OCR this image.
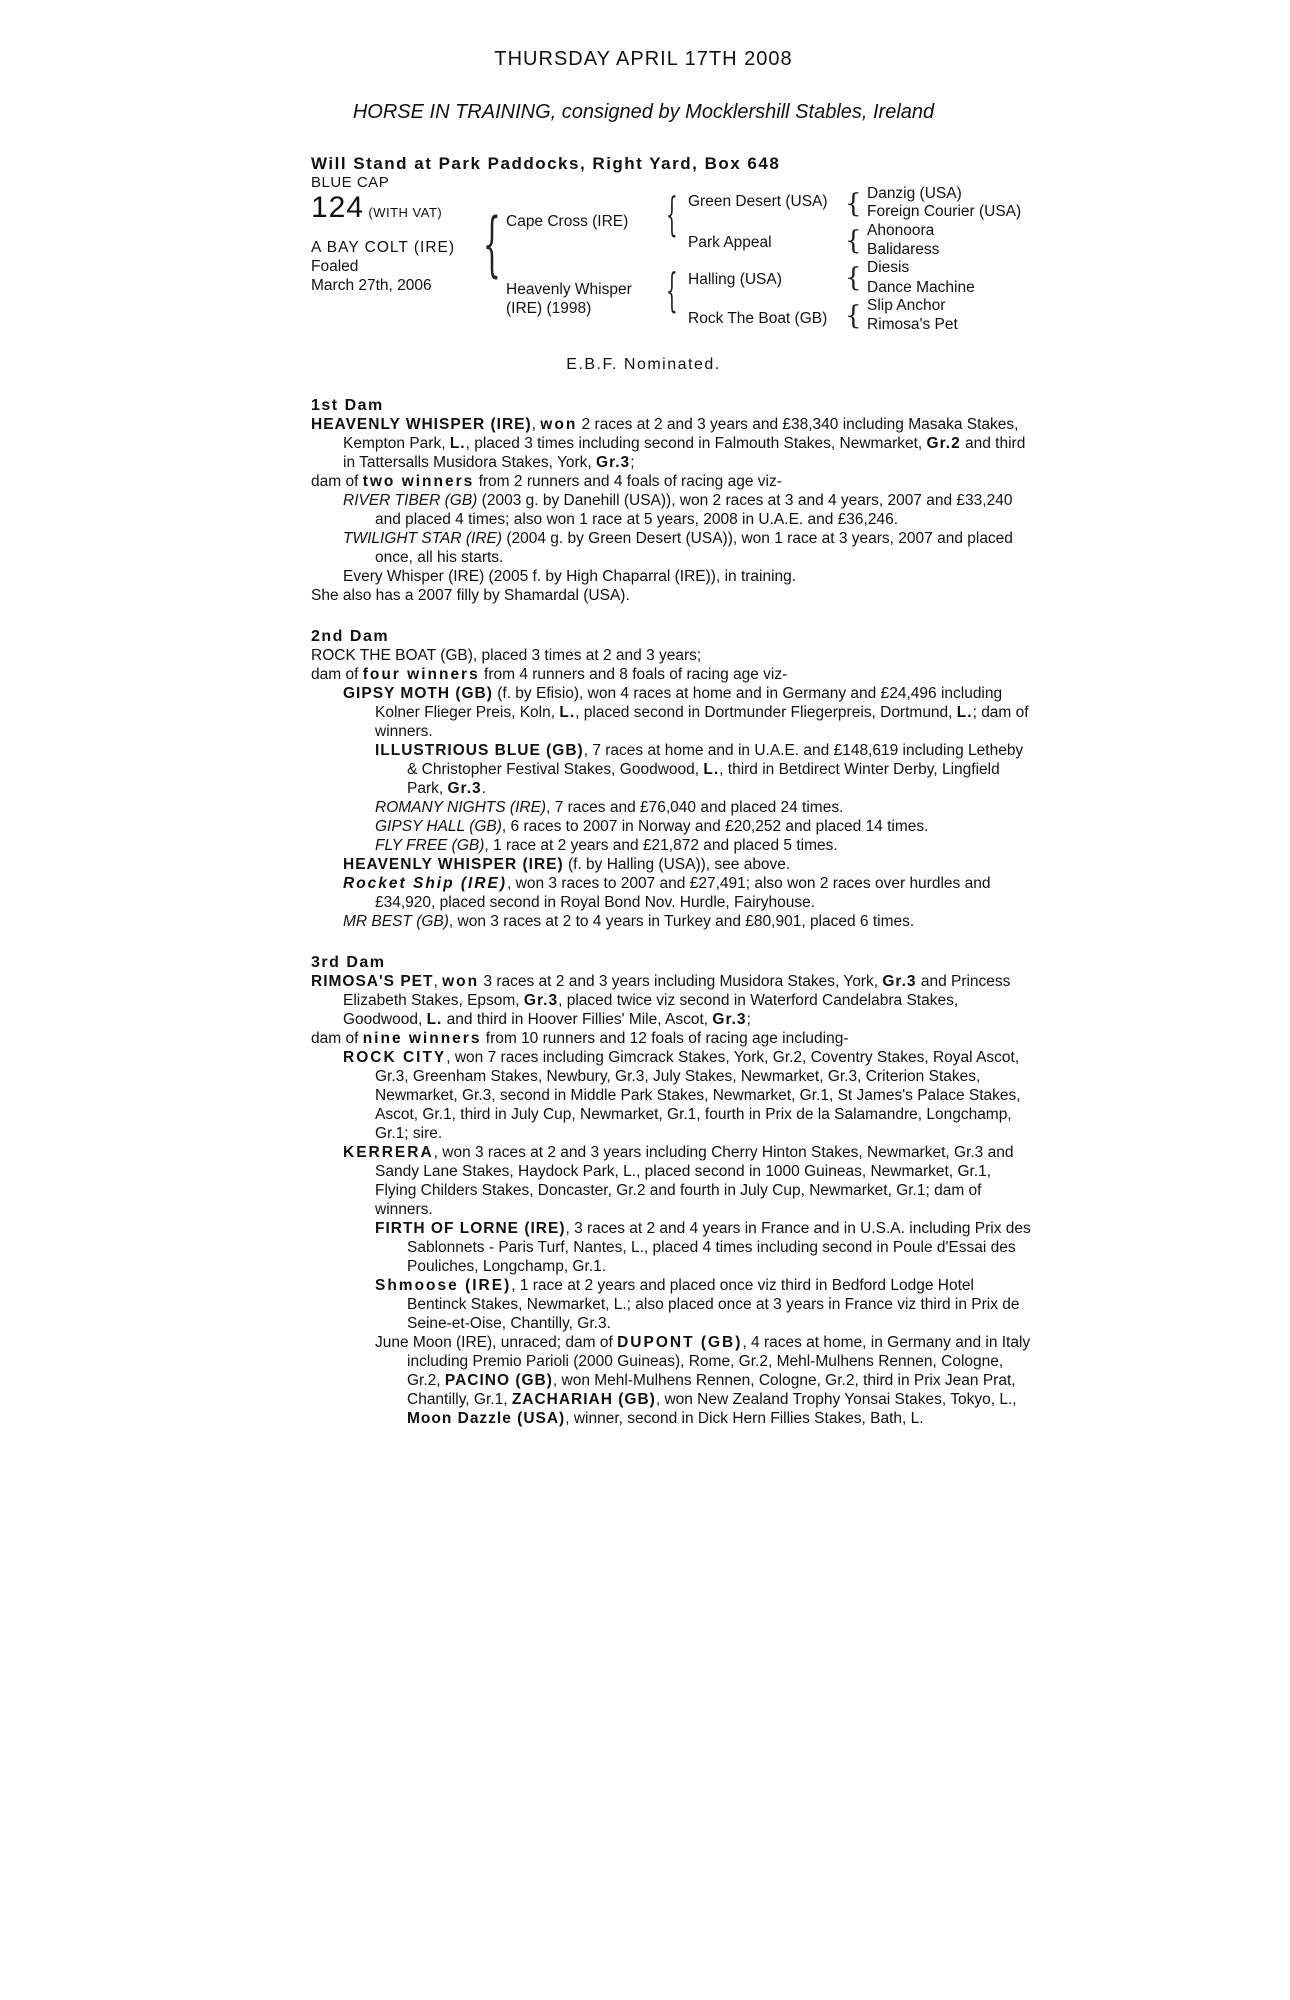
THURSDAY APRIL 17TH 2008
HORSE IN TRAINING, consigned by Mocklershill Stables, Ireland
Will Stand at Park Paddocks, Right Yard, Box 648
BLUE CAP
124 (WITH VAT)
A BAY COLT (IRE)
Foaled
March 27th, 2006
{ Cape Cross (IRE)
Heavenly Whisper
(IRE) (1998)
{ Green Desert (USA)
Park Appeal
{ Halling (USA)
Rock The Boat (GB)
{ Danzig (USA)
Foreign Courier (USA)
{ Ahonoora
Balidaress
{ Diesis
Dance Machine
{ Slip Anchor
Rimosa's Pet
E.B.F. Nominated.
1st Dam
HEAVENLY WHISPER (IRE), won 2 races at 2 and 3 years and £38,340 including Masaka Stakes, Kempton Park, L., placed 3 times including second in Falmouth Stakes, Newmarket, Gr.2 and third in Tattersalls Musidora Stakes, York, Gr.3;
dam of two winners from 2 runners and 4 foals of racing age viz-
RIVER TIBER (GB) (2003 g. by Danehill (USA)), won 2 races at 3 and 4 years, 2007 and £33,240 and placed 4 times; also won 1 race at 5 years, 2008 in U.A.E. and £36,246.
TWILIGHT STAR (IRE) (2004 g. by Green Desert (USA)), won 1 race at 3 years, 2007 and placed once, all his starts.
Every Whisper (IRE) (2005 f. by High Chaparral (IRE)), in training.
She also has a 2007 filly by Shamardal (USA).
2nd Dam
ROCK THE BOAT (GB), placed 3 times at 2 and 3 years;
dam of four winners from 4 runners and 8 foals of racing age viz-
GIPSY MOTH (GB) (f. by Efisio), won 4 races at home and in Germany and £24,496 including Kolner Flieger Preis, Koln, L., placed second in Dortmunder Fliegerpreis, Dortmund, L.; dam of winners.
ILLUSTRIOUS BLUE (GB), 7 races at home and in U.A.E. and £148,619 including Letheby & Christopher Festival Stakes, Goodwood, L., third in Betdirect Winter Derby, Lingfield Park, Gr.3.
ROMANY NIGHTS (IRE), 7 races and £76,040 and placed 24 times.
GIPSY HALL (GB), 6 races to 2007 in Norway and £20,252 and placed 14 times.
FLY FREE (GB), 1 race at 2 years and £21,872 and placed 5 times.
HEAVENLY WHISPER (IRE) (f. by Halling (USA)), see above.
Rocket Ship (IRE), won 3 races to 2007 and £27,491; also won 2 races over hurdles and £34,920, placed second in Royal Bond Nov. Hurdle, Fairyhouse.
MR BEST (GB), won 3 races at 2 to 4 years in Turkey and £80,901, placed 6 times.
3rd Dam
RIMOSA'S PET, won 3 races at 2 and 3 years including Musidora Stakes, York, Gr.3 and Princess Elizabeth Stakes, Epsom, Gr.3, placed twice viz second in Waterford Candelabra Stakes, Goodwood, L. and third in Hoover Fillies' Mile, Ascot, Gr.3;
dam of nine winners from 10 runners and 12 foals of racing age including-
ROCK CITY, won 7 races including Gimcrack Stakes, York, Gr.2, Coventry Stakes, Royal Ascot, Gr.3, Greenham Stakes, Newbury, Gr.3, July Stakes, Newmarket, Gr.3, Criterion Stakes, Newmarket, Gr.3, second in Middle Park Stakes, Newmarket, Gr.1, St James's Palace Stakes, Ascot, Gr.1, third in July Cup, Newmarket, Gr.1, fourth in Prix de la Salamandre, Longchamp, Gr.1; sire.
KERRERA, won 3 races at 2 and 3 years including Cherry Hinton Stakes, Newmarket, Gr.3 and Sandy Lane Stakes, Haydock Park, L., placed second in 1000 Guineas, Newmarket, Gr.1, Flying Childers Stakes, Doncaster, Gr.2 and fourth in July Cup, Newmarket, Gr.1; dam of winners.
FIRTH OF LORNE (IRE), 3 races at 2 and 4 years in France and in U.S.A. including Prix des Sablonnets - Paris Turf, Nantes, L., placed 4 times including second in Poule d'Essai des Pouliches, Longchamp, Gr.1.
Shmoose (IRE), 1 race at 2 years and placed once viz third in Bedford Lodge Hotel Bentinck Stakes, Newmarket, L.; also placed once at 3 years in France viz third in Prix de Seine-et-Oise, Chantilly, Gr.3.
June Moon (IRE), unraced; dam of DUPONT (GB), 4 races at home, in Germany and in Italy including Premio Parioli (2000 Guineas), Rome, Gr.2, Mehl-Mulhens Rennen, Cologne, Gr.2, PACINO (GB), won Mehl-Mulhens Rennen, Cologne, Gr.2, third in Prix Jean Prat, Chantilly, Gr.1, ZACHARIAH (GB), won New Zealand Trophy Yonsai Stakes, Tokyo, L., Moon Dazzle (USA), winner, second in Dick Hern Fillies Stakes, Bath, L.
